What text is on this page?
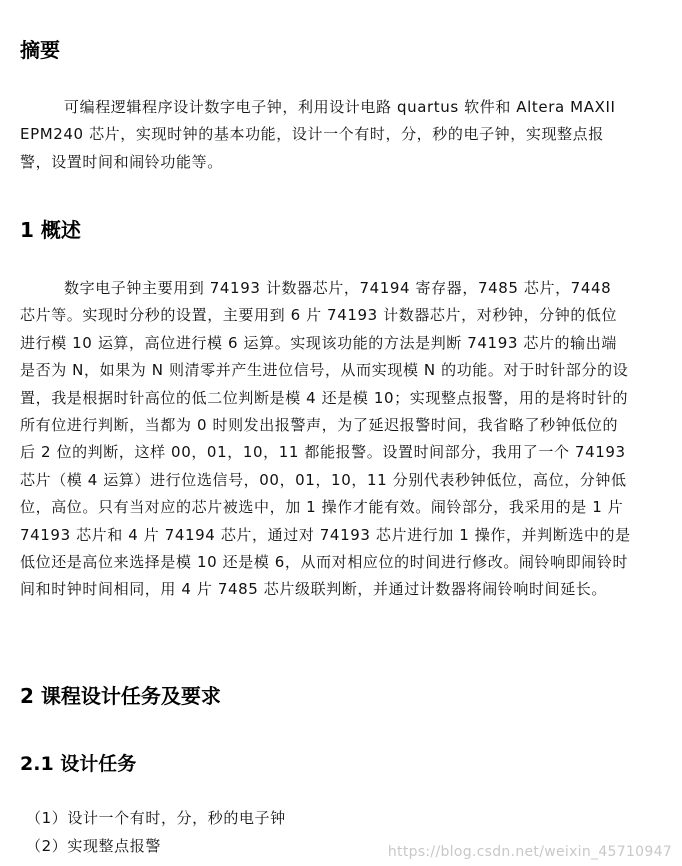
摘要

可编程逻辑程序设计数字电子钟，利用设计电路 quartus 软件和 Altera MAXII EPM240 芯片，实现时钟的基本功能，设计一个有时，分，秒的电子钟，实现整点报警，设置时间和闹铃功能等。

1 概述

数字电子钟主要用到 74193 计数器芯片，74194 寄存器，7485 芯片，7448 芯片等。实现时分秒的设置，主要用到 6 片 74193 计数器芯片，对秒钟，分钟的低位进行模 10 运算，高位进行模 6 运算。实现该功能的方法是判断 74193 芯片的输出端是否为 N，如果为 N 则清零并产生进位信号，从而实现模 N 的功能。对于时针部分的设置，我是根据时针高位的低二位判断是模 4 还是模 10；实现整点报警，用的是将时针的所有位进行判断，当都为 0 时则发出报警声，为了延迟报警时间，我省略了秒钟低位的后 2 位的判断，这样 00，01，10，11 都能报警。设置时间部分，我用了一个 74193 芯片（模 4 运算）进行位选信号，00，01，10，11 分别代表秒钟低位，高位，分钟低位，高位。只有当对应的芯片被选中，加 1 操作才能有效。闹铃部分，我采用的是 1 片 74193 芯片和 4 片 74194 芯片，通过对 74193 芯片进行加 1 操作，并判断选中的是低位还是高位来选择是模 10 还是模 6，从而对相应位的时间进行修改。闹铃响即闹铃时间和时钟时间相同，用 4 片 7485 芯片级联判断，并通过计数器将闹铃响时间延长。

2 课程设计任务及要求
2.1 设计任务
（1）设计一个有时，分，秒的电子钟
（2）实现整点报警	https://blog.csdn.net/weixin_45710947
